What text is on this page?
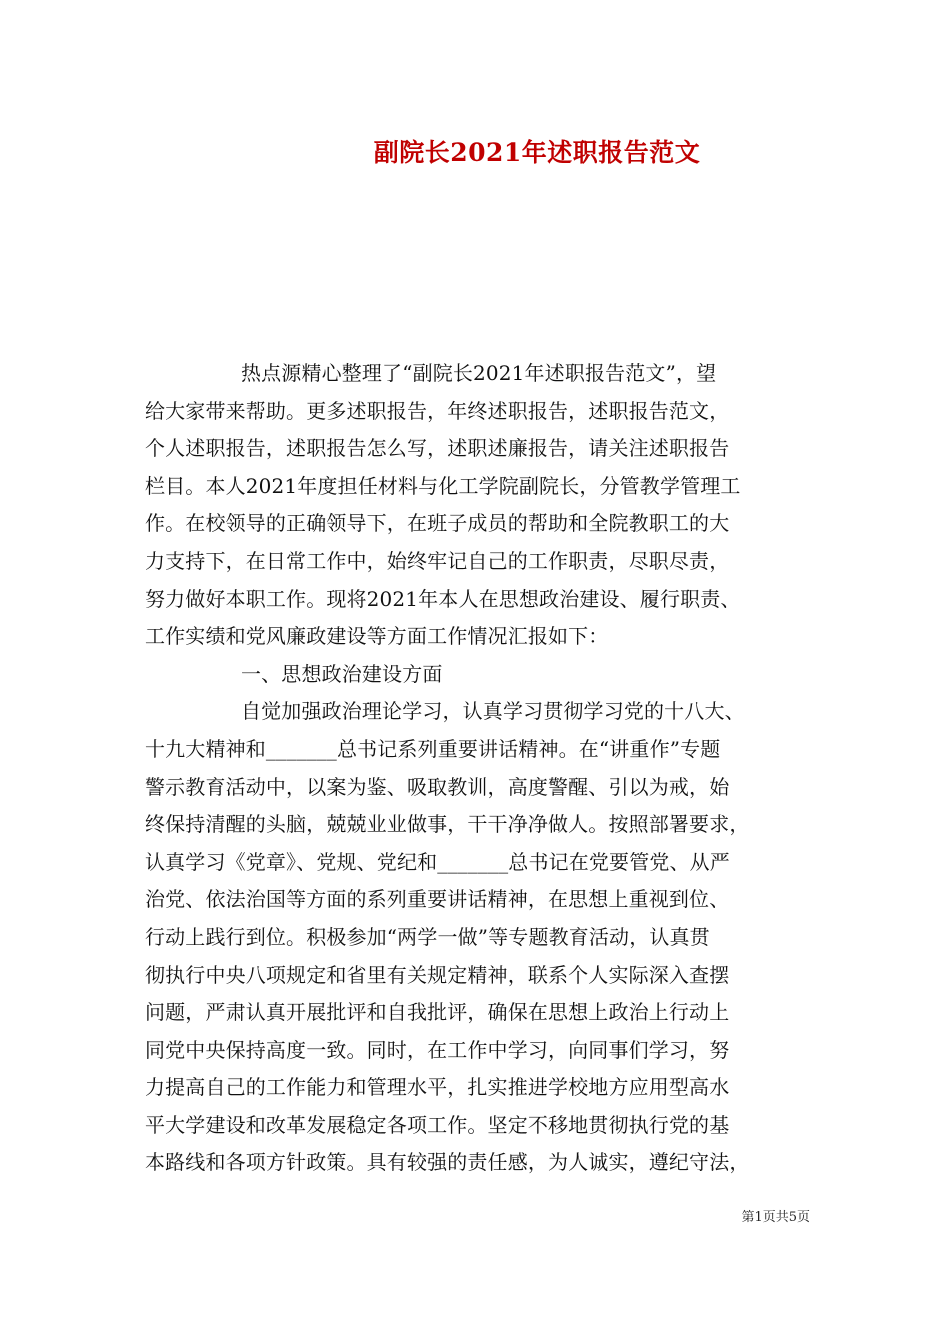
副院长2021年述职报告范文
热点源精心整理了“副院长2021年述职报告范文”，望
给大家带来帮助。更多述职报告，年终述职报告，述职报告范文，
个人述职报告，述职报告怎么写，述职述廉报告，请关注述职报告
栏目。本人2021年度担任材料与化工学院副院长，分管教学管理工
作。在校领导的正确领导下，在班子成员的帮助和全院教职工的大
力支持下，在日常工作中，始终牢记自己的工作职责，尽职尽责，
努力做好本职工作。现将2021年本人在思想政治建设、履行职责、
工作实绩和党风廉政建设等方面工作情况汇报如下：
一、思想政治建设方面
自觉加强政治理论学习，认真学习贯彻学习党的十八大、
十九大精神和_______总书记系列重要讲话精神。在“讲重作”专题
警示教育活动中，以案为鉴、吸取教训，高度警醒、引以为戒，始
终保持清醒的头脑，兢兢业业做事，干干净净做人。按照部署要求，
认真学习《党章》、党规、党纪和_______总书记在党要管党、从严
治党、依法治国等方面的系列重要讲话精神，在思想上重视到位、
行动上践行到位。积极参加“两学一做”等专题教育活动，认真贯
彻执行中央八项规定和省里有关规定精神，联系个人实际深入查摆
问题，严肃认真开展批评和自我批评，确保在思想上政治上行动上
同党中央保持高度一致。同时，在工作中学习，向同事们学习，努
力提高自己的工作能力和管理水平，扎实推进学校地方应用型高水
平大学建设和改革发展稳定各项工作。坚定不移地贯彻执行党的基
本路线和各项方针政策。具有较强的责任感，为人诚实，遵纪守法，
第1页共5页
